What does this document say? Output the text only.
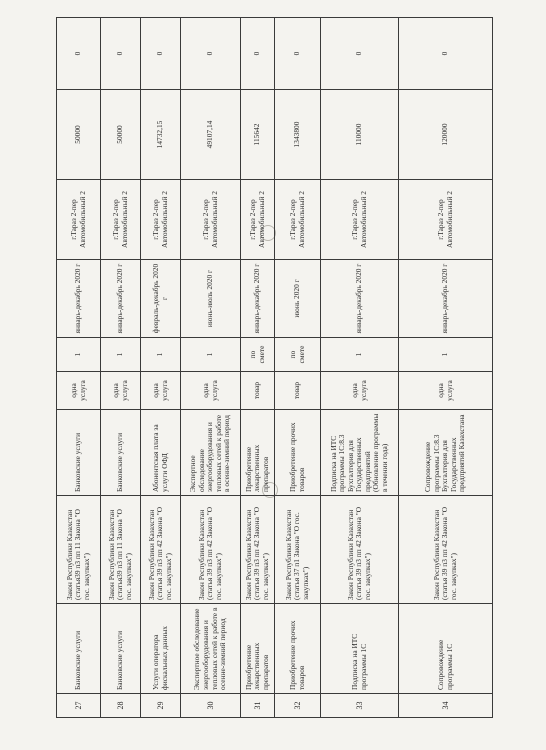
27	Банковские услуги	Закон Республики Казахстан (статья39 п3 пп 11 Закона "О гос. закупках")	Банковские услуги	одна услуга	1	январь-декабрь 2020 г	г.Тараз 2-пер Автомобильный 2	50000	0
28	Банковские услуги	Закон Республики Казахстан (статья39 п3 пп 11 Закона "О гос. закупках")	Банковские услуги	одна услуга	1	январь-декабрь 2020 г	г.Тараз 2-пер Автомобильный 2	50000	0
29	Услуги оператора фискальных данных	Закон Республики Казахстан (статья 39 п3 пп 42 Закона "О гос. закупках")	Абонентская плата за услуги ОФД	одна услуга	1	февраль-декабрь 2020 г	г.Тараз 2-пер Автомобильный 2	14732,15	0
30	Экспертное обследование энергооборудования и тепловых сетей к работе в осенне-зимний период	Закон Республики Казахстан (статья 39 п3 пп 42 Закона "О гос. закупках")	Экспертное обследование энергооборудования и тепловых сетей к работе в осенне-зимний период	одна услуга	1	июнь-июль 2020 г	г.Тараз 2-пер Автомобильный 2	49107,14	0
31	Приобретение лекарственных препаратов	Закон Республики Казахстан (статья 39 п3 пп 42 Закона "О гос. закупках")	Приобретение лекарственных препаратов	товар	по смете	январь-декабрь 2020 г	г.Тараз 2-пер Автомобильный 2	115642	0
32	Приобретение прочих товаров	Закон Республики Казахстан (статья 37 п1 Закона "О гос. закупках")	Приобретение прочих товаров	товар	по смете	июнь 2020 г	г.Тараз 2-пер Автомобильный 2	1343800	0
33	Подписка на ИТС программы 1С	Закон Республики Казахстан (статья 39 п3 пп 42 Закона "О гос. закупках")	Подписка на ИТС программы 1С:8.3 Бухгалтерия для Государственных предприятий (Обновление программы в течении года)	одна услуга	1	январь-декабрь 2020 г	г.Тараз 2-пер Автомобильный 2	110000	0
34	Сопровождение программы 1С	Закон Республики Казахстан (статья 39 п3 пп 42 Закона "О гос. закупках")	Сопровождение программы 1С:8.3 Бухгалтерия для Государственных предприятий Казахстана	одна услуга	1	январь-декабрь 2020 г	г.Тараз 2-пер Автомобильный 2	120000	0
